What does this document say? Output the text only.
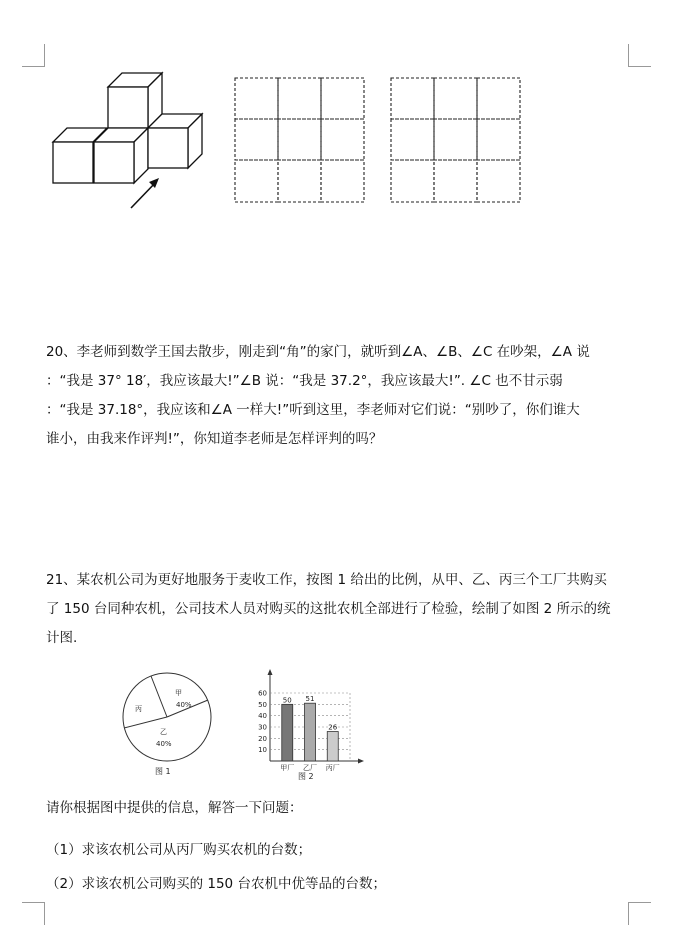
20、李老师到数学王国去散步，刚走到“角”的家门，就听到∠A、∠B、∠C 在吵架，∠A 说

：“我是 37° 18′，我应该最大!”∠B 说：“我是 37.2°，我应该最大!”. ∠C 也不甘示弱

：“我是 37.18°，我应该和∠A 一样大!”听到这里，李老师对它们说：“别吵了，你们谁大

谁小，由我来作评判!”，你知道李老师是怎样评判的吗？

21、某农机公司为更好地服务于麦收工作，按图 1 给出的比例，从甲、乙、丙三个工厂共购买

了 150 台同种农机，公司技术人员对购买的这批农机全部进行了检验，绘制了如图 2 所示的统

计图.

甲
40%
丙
乙
40%
图 1
10
20
30
40
50
60
50
甲厂
51
乙厂
26
丙厂
图 2
请你根据图中提供的信息，解答一下问题：
（1）求该农机公司从丙厂购买农机的台数；
（2）求该农机公司购买的 150 台农机中优等品的台数；
